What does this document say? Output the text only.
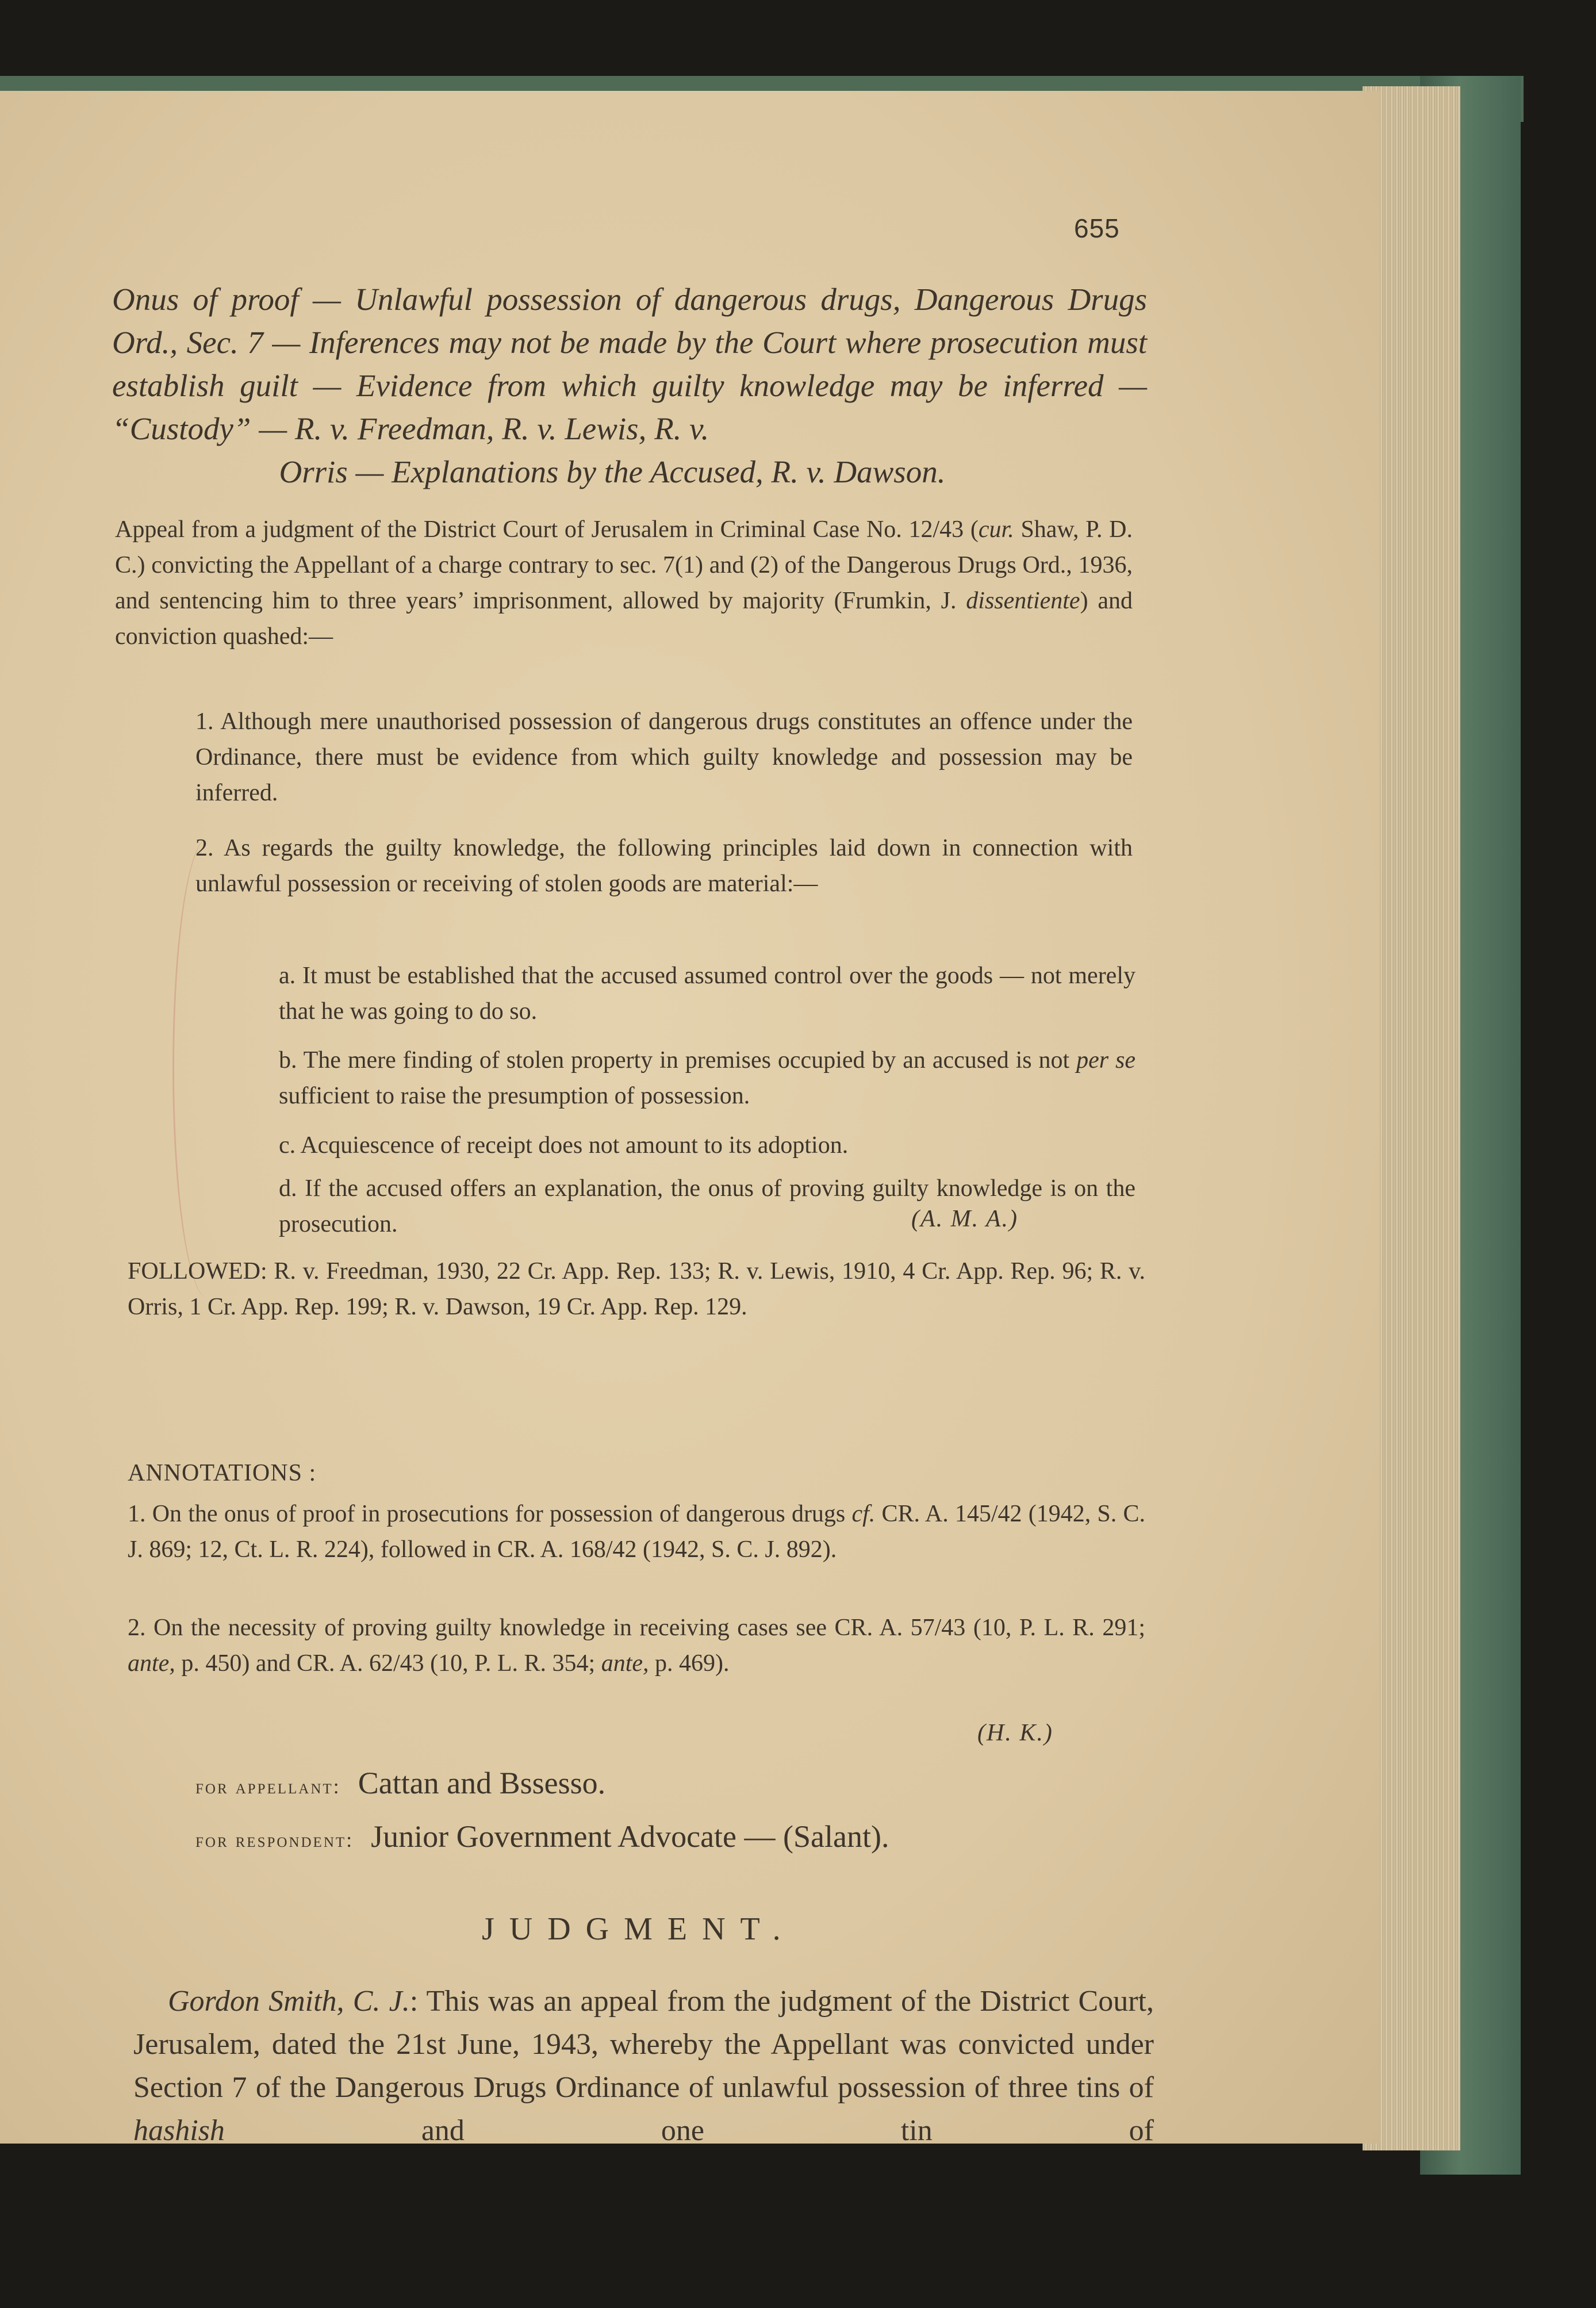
655
Onus of proof — Unlawful possession of dangerous drugs, Dangerous Drugs Ord., Sec. 7 — Inferences may not be made by the Court where prosecution must establish guilt — Evidence from which guilty knowledge may be inferred — “Custody” — R. v. Freedman, R. v. Lewis, R. v.
Orris — Explanations by the Accused, R. v. Dawson.
Appeal from a judgment of the District Court of Jerusalem in Criminal Case No. 12/43 (cur. Shaw, P. D. C.) convicting the Appellant of a charge contrary to sec. 7(1) and (2) of the Dangerous Drugs Ord., 1936, and sentencing him to three years’ imprisonment, allowed by majority (Frumkin, J. dissentiente) and conviction quashed:—
1. Although mere unauthorised possession of dangerous drugs constitutes an offence under the Ordinance, there must be evidence from which guilty knowledge and possession may be inferred.
2. As regards the guilty knowledge, the following principles laid down in connection with unlawful possession or receiving of stolen goods are material:—
a. It must be established that the accused assumed control over the goods — not merely that he was going to do so.
b. The mere finding of stolen property in premises occupied by an accused is not per se sufficient to raise the presumption of possession.
c. Acquiescence of receipt does not amount to its adoption.
d. If the accused offers an explanation, the onus of proving guilty knowledge is on the prosecution.	(A. M. A.)
FOLLOWED: R. v. Freedman, 1930, 22 Cr. App. Rep. 133; R. v. Lewis, 1910, 4 Cr. App. Rep. 96; R. v. Orris, 1 Cr. App. Rep. 199; R. v. Dawson, 19 Cr. App. Rep. 129.
ANNOTATIONS :
1. On the onus of proof in prosecutions for possession of dangerous drugs cf. CR. A. 145/42 (1942, S. C. J. 869; 12, Ct. L. R. 224), followed in CR. A. 168/42 (1942, S. C. J. 892).
2. On the necessity of proving guilty knowledge in receiving cases see CR. A. 57/43 (10, P. L. R. 291; ante, p. 450) and CR. A. 62/43 (10, P. L. R. 354; ante, p. 469).
(H. K.)
for appellant: Cattan and Bssesso.
for respondent: Junior Government Advocate — (Salant).
JUDGMENT.
Gordon Smith, C. J.: This was an appeal from the judgment of the District Court, Jerusalem, dated the 21st June, 1943, whereby the Appellant was convicted under Section 7 of the Dangerous Drugs Ordinance of unlawful possession of three tins of hashish and one tin of
